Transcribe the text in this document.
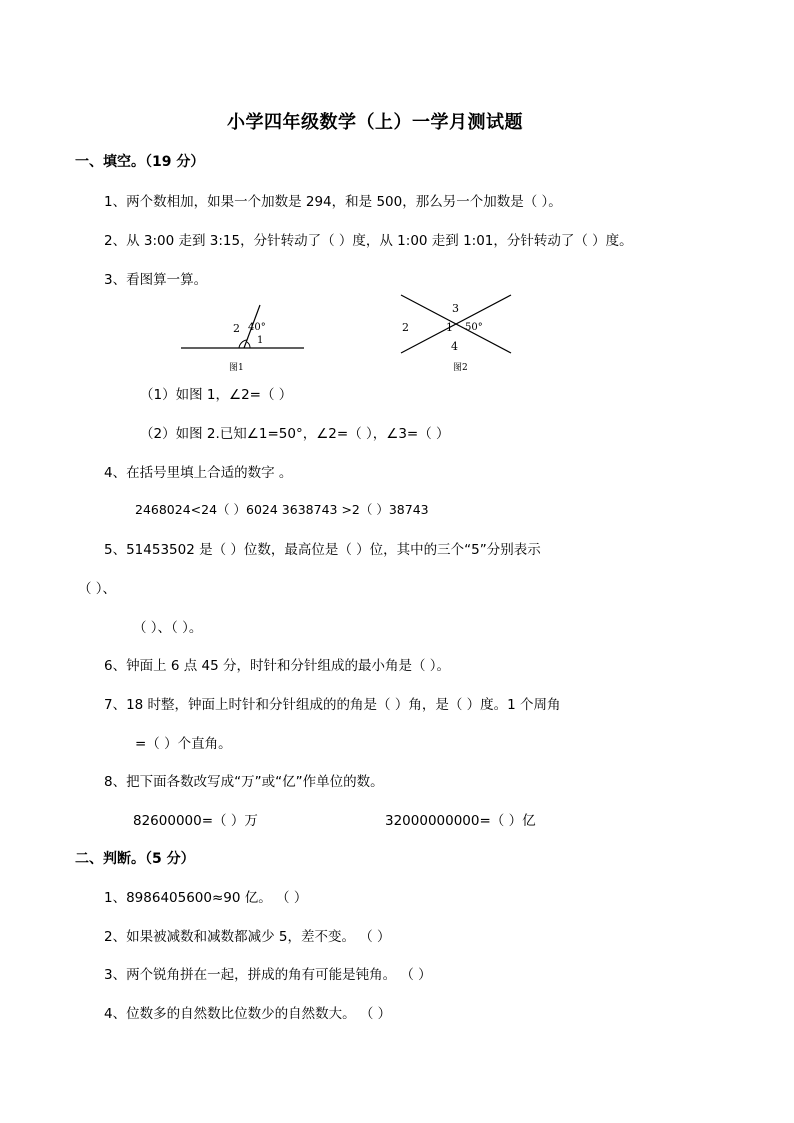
小学四年级数学（上）一学月测试题
一、填空。（19 分）
1、两个数相加，如果一个加数是 294，和是 500，那么另一个加数是（ ）。
2、从 3:00 走到 3:15，分针转动了（ ）度，从 1:00 走到 1:01，分针转动了（ ）度。
3、看图算一算。
2
1
40°
图1
3
2	1 50°
4
图2
（1）如图 1，∠2=（ ）
（2）如图 2.已知∠1=50°，∠2=（ ），∠3=（ ）
4、在括号里填上合适的数字 。
2468024<24（ ）6024 3638743 >2（ ）38743
5、51453502 是（ ）位数，最高位是（ ）位，其中的三个“5”分别表示
（ ）、
（ ）、（ ）。
6、钟面上 6 点 45 分，时针和分针组成的最小角是（ ）。
7、18 时整，钟面上时针和分针组成的的角是（ ）角，是（ ）度。1 个周角
=（ ）个直角。
8、把下面各数改写成“万”或“亿”作单位的数。
82600000=（ ）万	32000000000=（ ）亿
二、判断。（5 分）
1、8986405600≈90 亿。 （ ）
2、如果被减数和减数都减少 5，差不变。 （ ）
3、两个锐角拼在一起，拼成的角有可能是钝角。 （ ）
4、位数多的自然数比位数少的自然数大。 （ ）
